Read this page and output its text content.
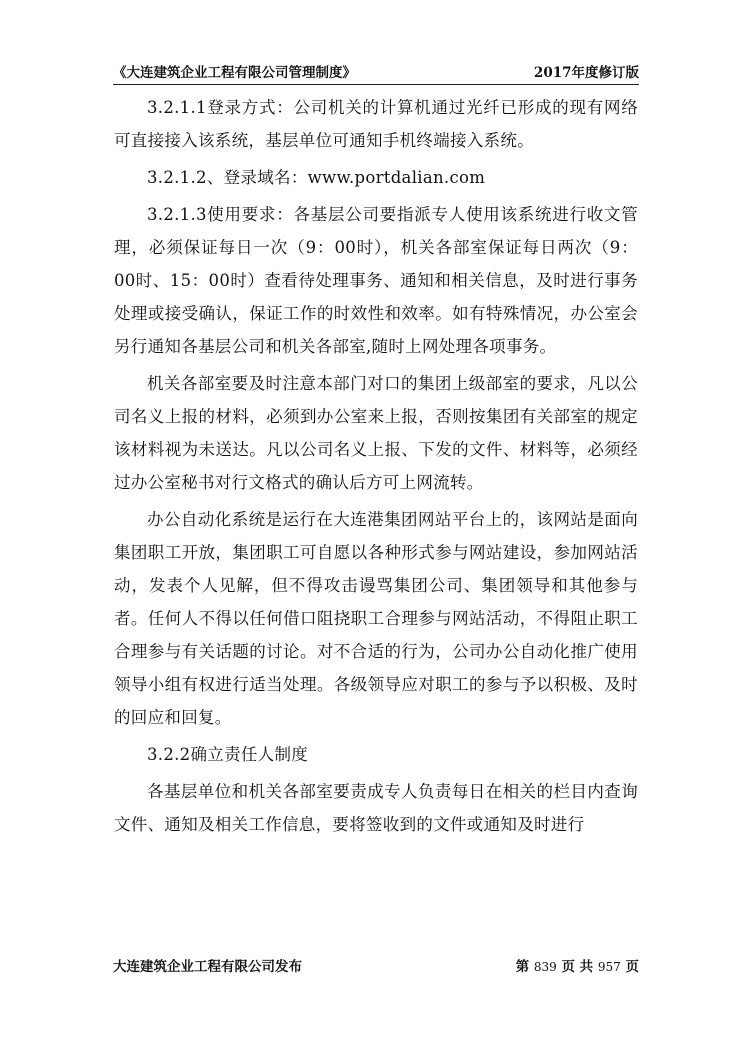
《大连建筑企业工程有限公司管理制度》	2017年度修订版

3.2.1.1登录方式：公司机关的计算机通过光纤已形成的现有网络可直接接入该系统，基层单位可通知手机终端接入系统。

3.2.1.2、登录域名：www.portdalian.com

3.2.1.3使用要求：各基层公司要指派专人使用该系统进行收文管理，必须保证每日一次（9：00时），机关各部室保证每日两次（9：00时、15：00时）查看待处理事务、通知和相关信息，及时进行事务处理或接受确认，保证工作的时效性和效率。如有特殊情况，办公室会另行通知各基层公司和机关各部室,随时上网处理各项事务。

机关各部室要及时注意本部门对口的集团上级部室的要求，凡以公司名义上报的材料，必须到办公室来上报，否则按集团有关部室的规定该材料视为未送达。凡以公司名义上报、下发的文件、材料等，必须经过办公室秘书对行文格式的确认后方可上网流转。

办公自动化系统是运行在大连港集团网站平台上的，该网站是面向集团职工开放，集团职工可自愿以各种形式参与网站建设，参加网站活动，发表个人见解，但不得攻击谩骂集团公司、集团领导和其他参与者。任何人不得以任何借口阻挠职工合理参与网站活动，不得阻止职工合理参与有关话题的讨论。对不合适的行为，公司办公自动化推广使用领导小组有权进行适当处理。各级领导应对职工的参与予以积极、及时的回应和回复。

3.2.2确立责任人制度

各基层单位和机关各部室要责成专人负责每日在相关的栏目内查询文件、通知及相关工作信息，要将签收到的文件或通知及时进行

大连建筑企业工程有限公司发布	第 839 页 共 957 页
